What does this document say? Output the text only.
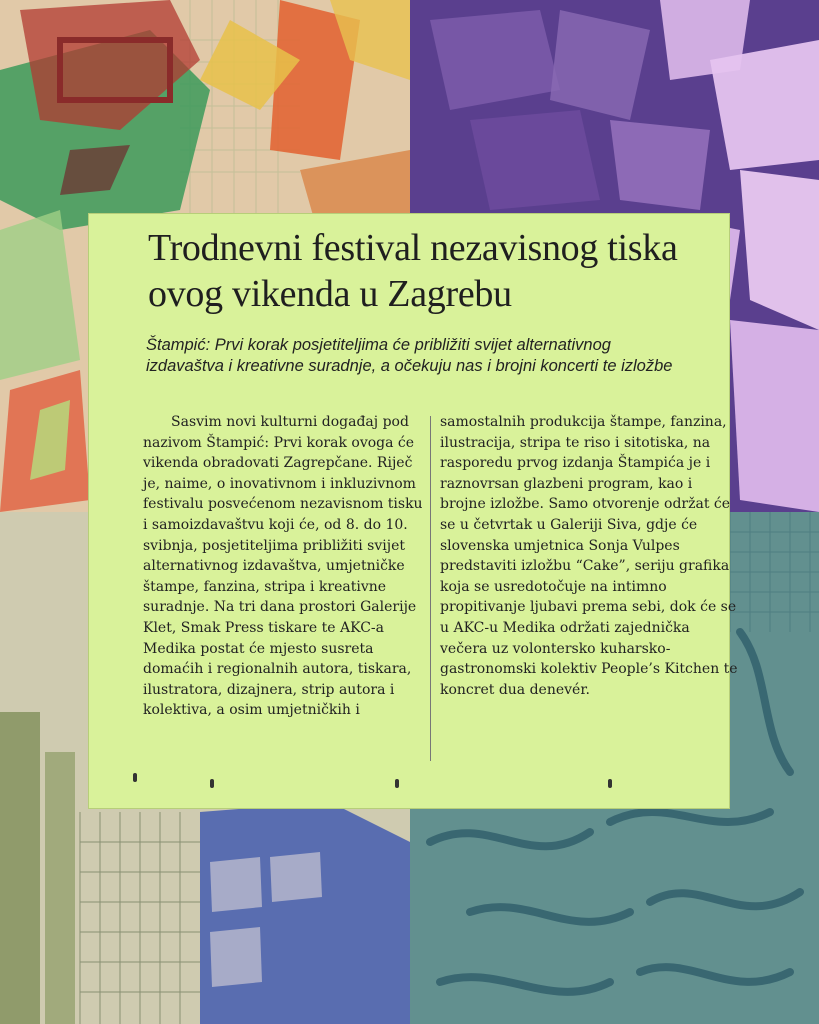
Trodnevni festival nezavisnog tiska ovog vikenda u Zagrebu

Štampić: Prvi korak posjetiteljima će približiti svijet alternativnog izdavaštva i kreativne suradnje, a očekuju nas i brojni koncerti te izložbe

Sasvim novi kulturni događaj pod nazivom Štampić: Prvi korak ovoga će vikenda obradovati Zagrepčane. Riječ je, naime, o inovativnom i inkluzivnom festivalu posvećenom nezavisnom tisku i samoizdavaštvu koji će, od 8. do 10. svibnja, posjetiteljima približiti svijet alternativnog izdavaštva, umjetničke štampe, fanzina, stripa i kreativne suradnje. Na tri dana prostori Galerije Klet, Smak Press tiskare te AKC-a Medika postat će mjesto susreta domaćih i regionalnih autora, tiskara, ilustratora, dizajnera, strip autora i kolektiva, a osim umjetničkih i

samostalnih produkcija štampe, fanzina, ilustracija, stripa te riso i sitotiska, na rasporedu prvog izdanja Štampića je i raznovrsan glazbeni program, kao i brojne izložbe. Samo otvorenje održat će se u četvrtak u Galeriji Siva, gdje će slovenska umjetnica Sonja Vulpes predstaviti izložbu “Cake”, seriju grafika koja se usredotočuje na intimno propitivanje ljubavi prema sebi, dok će se u AKC-u Medika održati zajednička večera uz volontersko kuharsko-gastronomski kolektiv People’s Kitchen te koncret dua denevér.
